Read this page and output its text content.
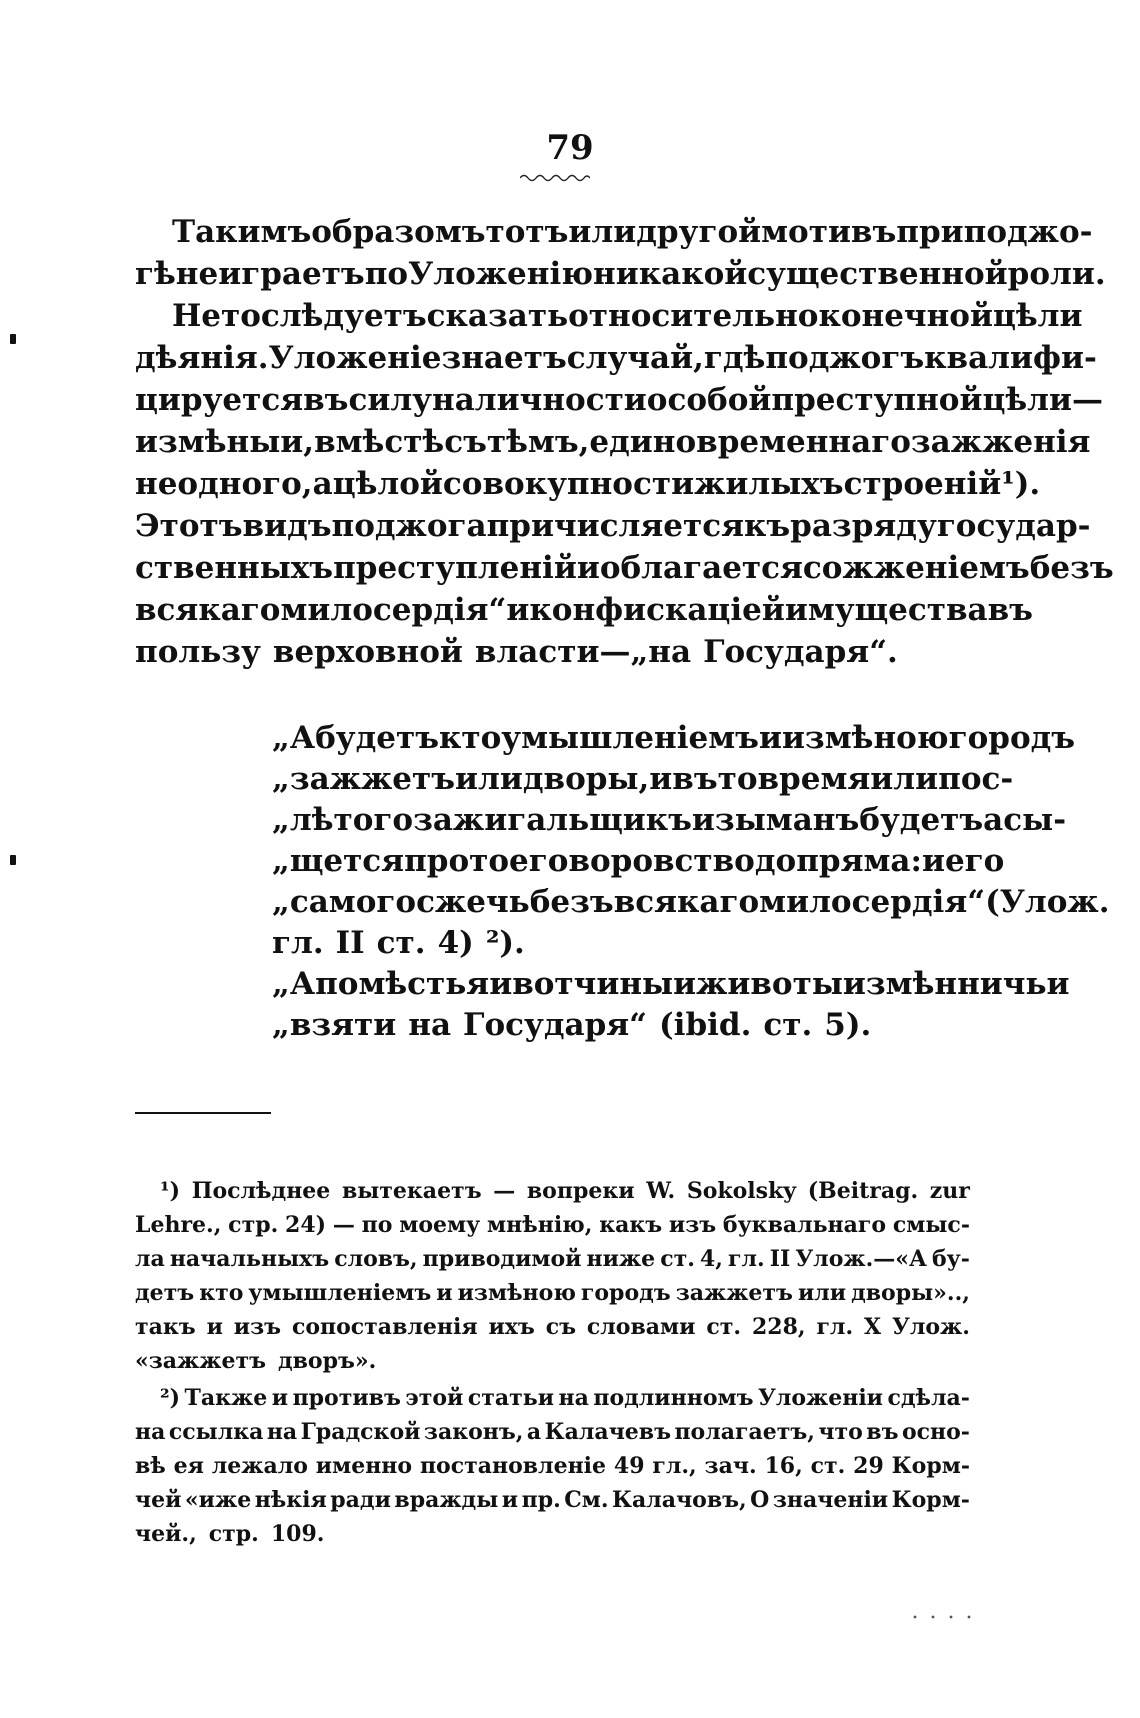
79
Такимъ образомъ тотъ или другой мотивъ при поджо-
гѣ не играетъ по Уложенію никакой существенной роли.
Не то слѣдуетъ сказать относительно конечной цѣли
дѣянія. Уложеніе знаетъ случай, гдѣ поджогъ квалифи-
цируется въ силу наличности особой преступной цѣли—
измѣны и, вмѣстѣ съ тѣмъ, единовременнаго зажженія
не одного, а цѣлой совокупности жилыхъ строеній ¹).
Этотъ видъ поджога причисляется къ разряду государ-
ственныхъ преступленій и облагается сожженіемъ безъ
всякаго милосердія“ и конфискаціей имущества въ
пользу верховной власти—„на Государя“.
„А будетъ кто умышленіемъ и измѣною городъ
„зажжетъ или дворы, и въ то время или пос-
„лѣ того зажигальщикъ изыманъ будетъ а сы-
„щется про то его воровство допряма: и его
„самого сжечь безъ всякаго милосердія“ (Улож.
гл. II ст. 4) ²).
„А помѣстья и вотчины и животы измѣнничьи
„взяти на Государя“ (ibid. ст. 5).
¹) Послѣднее вытекаетъ — вопреки W. Sokolsky (Beitrag. zur
Lehre., стр. 24) — по моему мнѣнію, какъ изъ буквальнаго смыс-
ла начальныхъ словъ, приводимой ниже ст. 4, гл. II Улож.—«А бу-
детъ кто умышленіемъ и измѣною городъ зажжетъ или дворы»..,
такъ и изъ сопоставленія ихъ съ словами ст. 228, гл. X Улож.
«зажжетъ дворъ».
²) Также и противъ этой статьи на подлинномъ Уложеніи сдѣла-
на ссылка на Градской законъ, а Калачевъ полагаетъ, что въ осно-
вѣ ея лежало именно постановленіе 49 гл., зач. 16, ст. 29 Корм-
чей «иже нѣкія ради вражды и пр. См. Калачовъ, О значеніи Корм-
чей., стр. 109.
